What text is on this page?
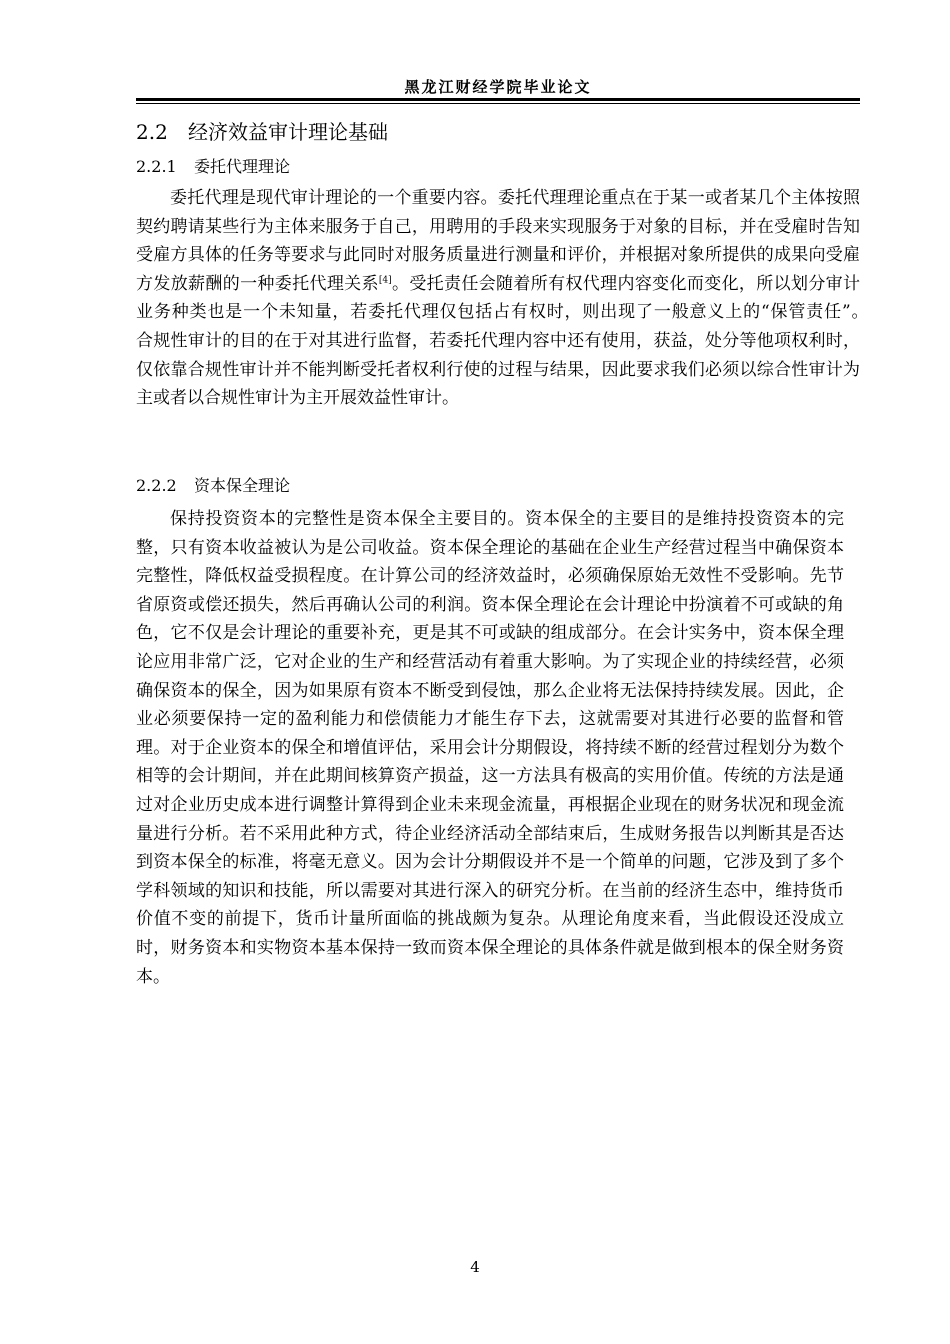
黑龙江财经学院毕业论文
2.2 经济效益审计理论基础
2.2.1 委托代理理论
委托代理是现代审计理论的一个重要内容。委托代理理论重点在于某一或者某几个主体按照契约聘请某些行为主体来服务于自己，用聘用的手段来实现服务于对象的目标，并在受雇时告知受雇方具体的任务等要求与此同时对服务质量进行测量和评价，并根据对象所提供的成果向受雇方发放薪酬的一种委托代理关系[4]。受托责任会随着所有权代理内容变化而变化，所以划分审计业务种类也是一个未知量，若委托代理仅包括占有权时，则出现了一般意义上的“保管责任”。　　合规性审计的目的在于对其进行监督，若委托代理内容中还有使用，获益，处分等他项权利时，仅依靠合规性审计并不能判断受托者权利行使的过程与结果，因此要求我们必须以综合性审计为主或者以合规性审计为主开展效益性审计。
2.2.2 资本保全理论
保持投资资本的完整性是资本保全主要目的。资本保全的主要目的是维持投资资本的完整，只有资本收益被认为是公司收益。资本保全理论的基础在企业生产经营过程当中确保资本完整性，降低权益受损程度。在计算公司的经济效益时，必须确保原始无效性不受影响。先节省原资或偿还损失，然后再确认公司的利润。资本保全理论在会计理论中扮演着不可或缺的角色，它不仅是会计理论的重要补充，更是其不可或缺的组成部分。在会计实务中，资本保全理论应用非常广泛，它对企业的生产和经营活动有着重大影响。为了实现企业的持续经营，必须确保资本的保全，因为如果原有资本不断受到侵蚀，那么企业将无法保持持续发展。因此，企业必须要保持一定的盈利能力和偿债能力才能生存下去，这就需要对其进行必要的监督和管理。对于企业资本的保全和增值评估，采用会计分期假设，将持续不断的经营过程划分为数个相等的会计期间，并在此期间核算资产损益，这一方法具有极高的实用价值。传统的方法是通过对企业历史成本进行调整计算得到企业未来现金流量，再根据企业现在的财务状况和现金流量进行分析。若不采用此种方式，待企业经济活动全部结束后，生成财务报告以判断其是否达到资本保全的标准，将毫无意义。因为会计分期假设并不是一个简单的问题，它涉及到了多个学科领域的知识和技能，所以需要对其进行深入的研究分析。在当前的经济生态中，维持货币价值不变的前提下，货币计量所面临的挑战颇为复杂。从理论角度来看，当此假设还没成立时，财务资本和实物资本基本保持一致而资本保全理论的具体条件就是做到根本的保全财务资本。
4
